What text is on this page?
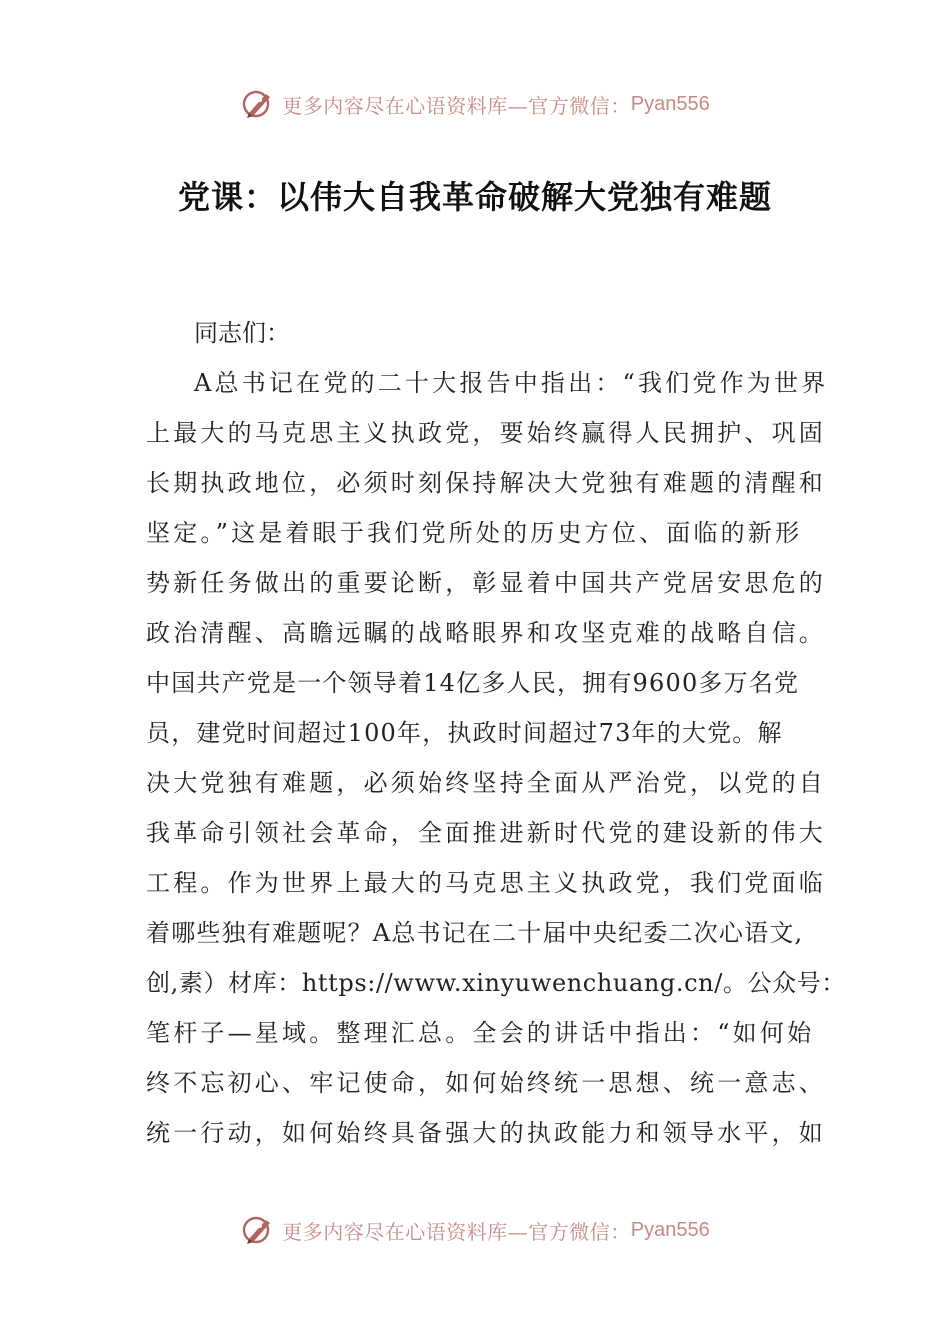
更多内容尽在心语资料库—官方微信： Pyan556
党课：以伟大自我革命破解大党独有难题

同志们：

A总书记在党的二十大报告中指出：“我们党作为世界

上最大的马克思主义执政党，要始终赢得人民拥护、巩固

长期执政地位，必须时刻保持解决大党独有难题的清醒和

坚定。”这是着眼于我们党所处的历史方位、面临的新形

势新任务做出的重要论断，彰显着中国共产党居安思危的

政治清醒、高瞻远瞩的战略眼界和攻坚克难的战略自信。

中国共产党是一个领导着14亿多人民，拥有9600多万名党

员，建党时间超过100年，执政时间超过73年的大党。解

决大党独有难题，必须始终坚持全面从严治党，以党的自

我革命引领社会革命，全面推进新时代党的建设新的伟大

工程。作为世界上最大的马克思主义执政党，我们党面临

着哪些独有难题呢？A总书记在二十届中央纪委二次心语文,

创,素）材库：https://www.xinyuwenchuang.cn/。公众号：

笔杆子—星域。整理汇总。全会的讲话中指出：“如何始

终不忘初心、牢记使命，如何始终统一思想、统一意志、

统一行动，如何始终具备强大的执政能力和领导水平，如

更多内容尽在心语资料库—官方微信： Pyan556
